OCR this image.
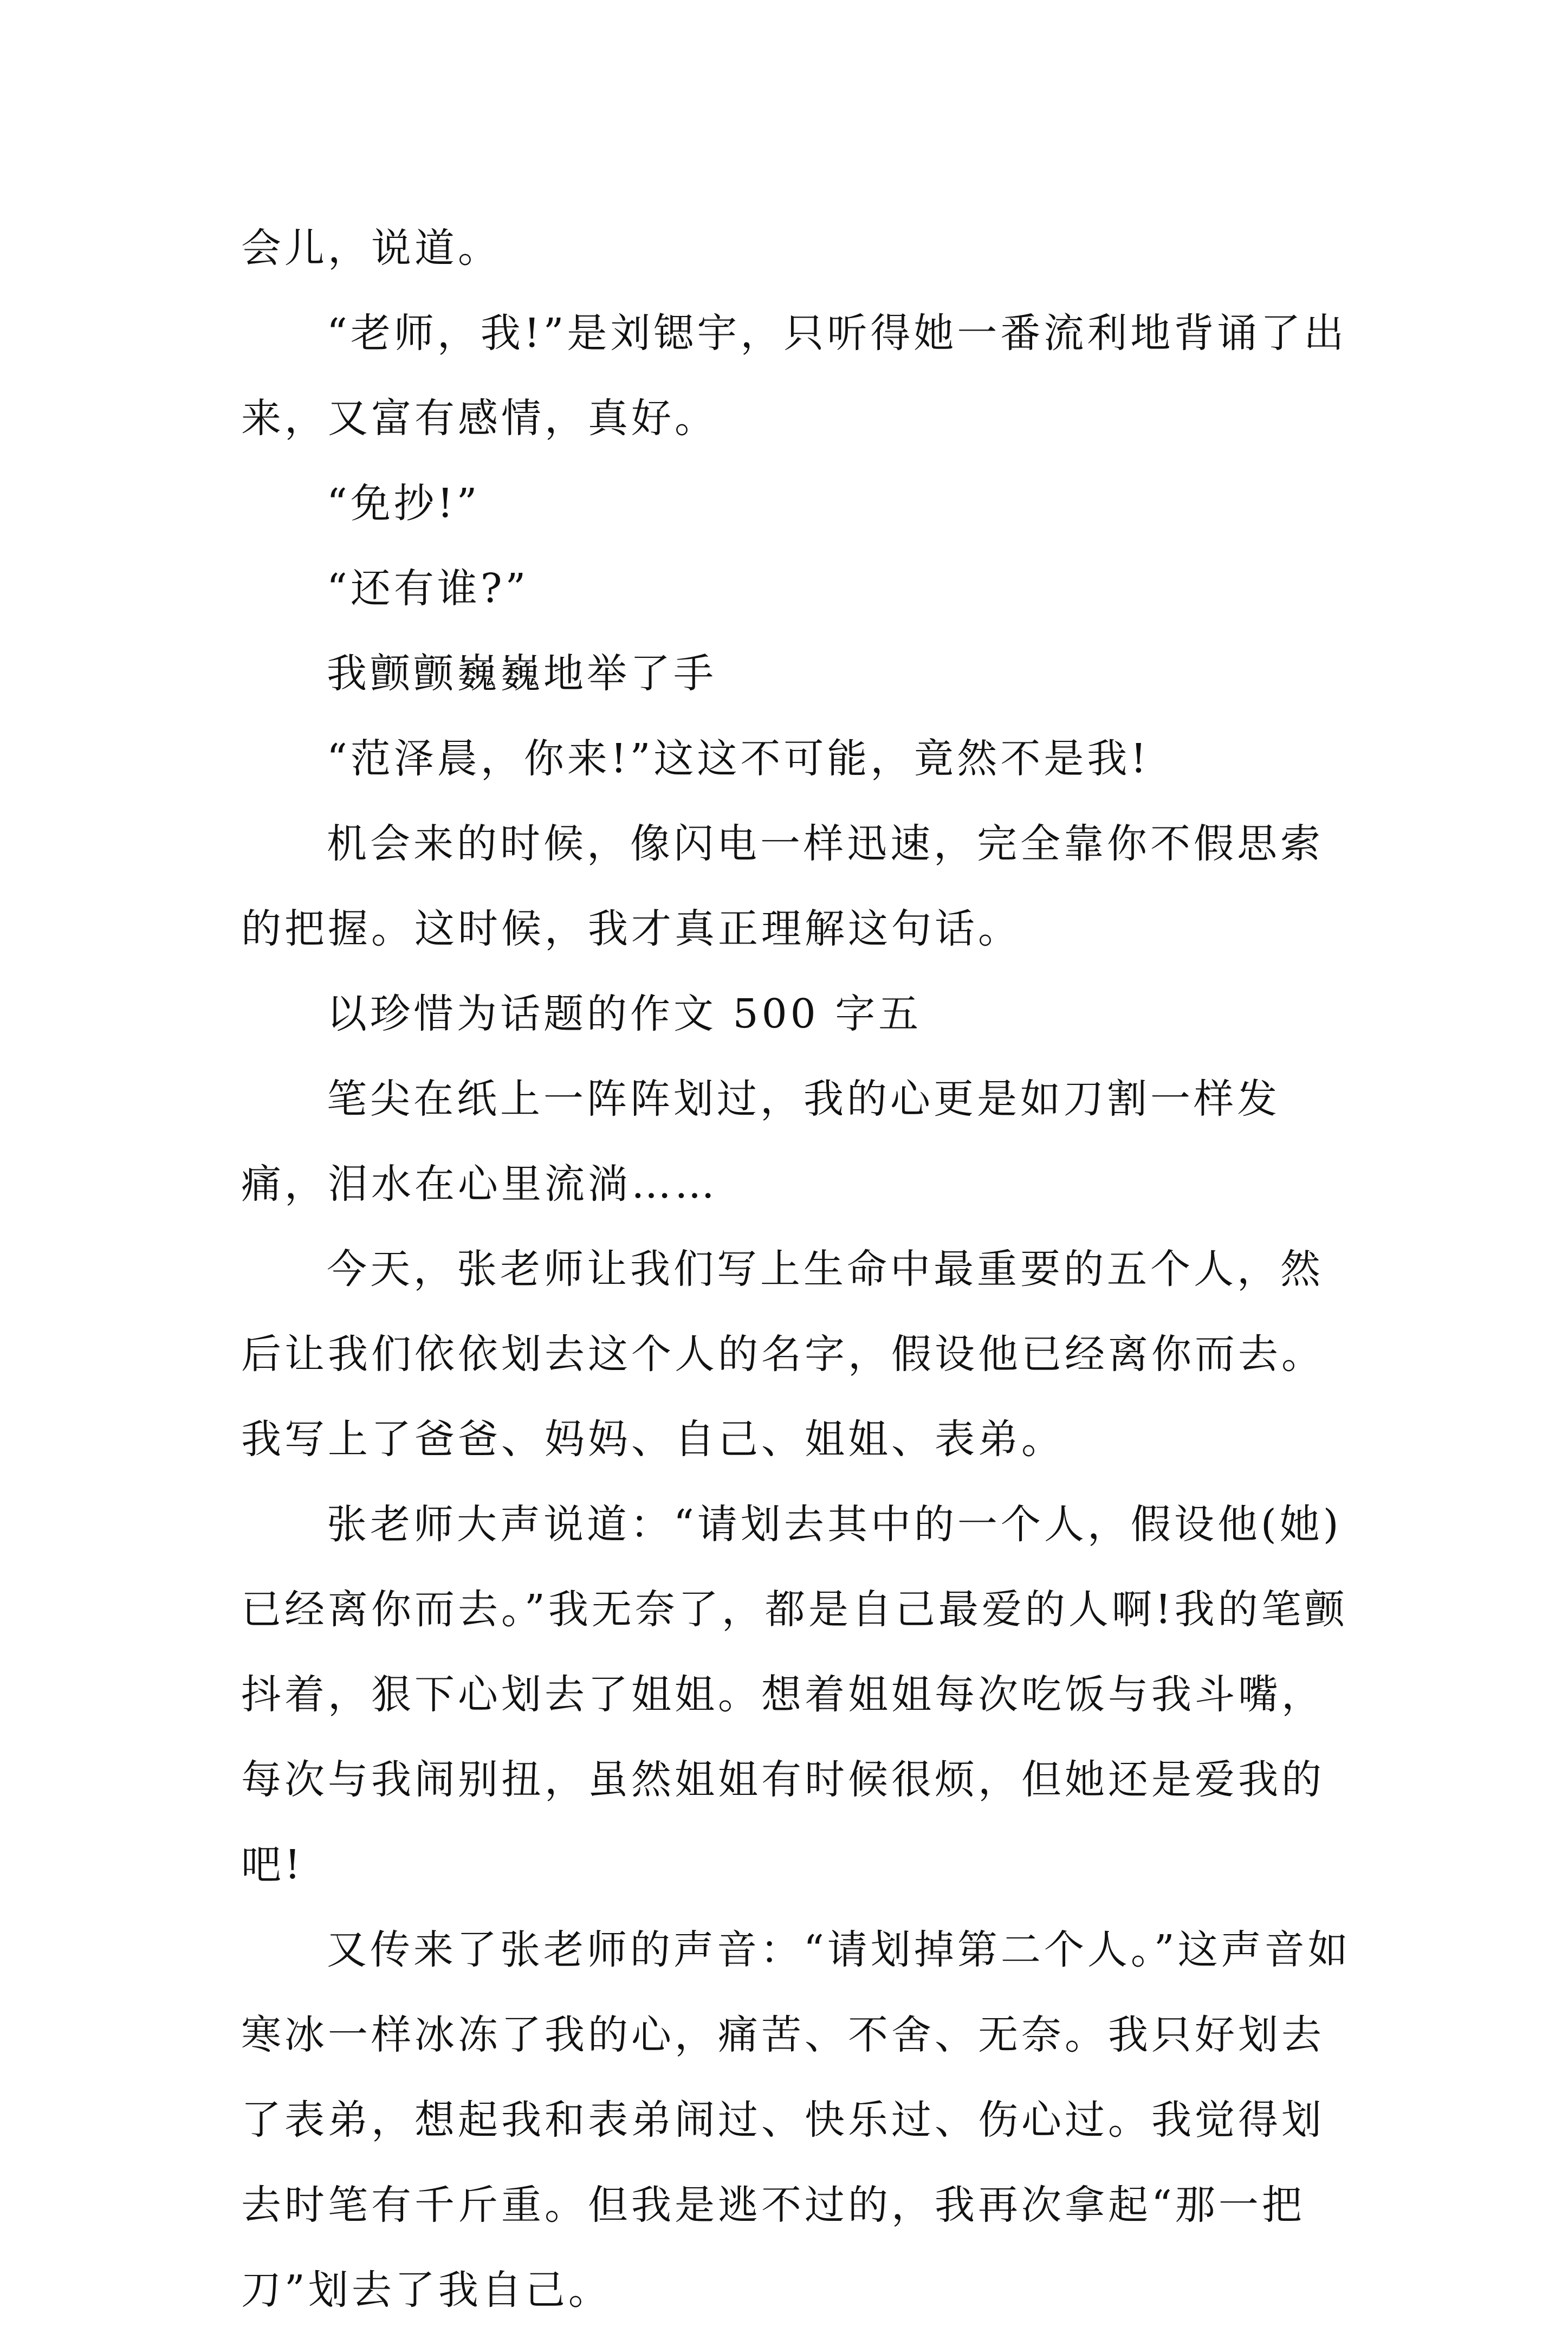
会儿，说道。

“老师，我!”是刘锶宇，只听得她一番流利地背诵了出来，又富有感情，真好。

“免抄!”

“还有谁?”

我颤颤巍巍地举了手

“范泽晨，你来!”这这不可能，竟然不是我!

机会来的时候，像闪电一样迅速，完全靠你不假思索的把握。这时候，我才真正理解这句话。

以珍惜为话题的作文 500 字五

笔尖在纸上一阵阵划过，我的心更是如刀割一样发痛，泪水在心里流淌……

今天，张老师让我们写上生命中最重要的五个人，然后让我们依依划去这个人的名字，假设他已经离你而去。我写上了爸爸、妈妈、自己、姐姐、表弟。

张老师大声说道：“请划去其中的一个人，假设他(她)已经离你而去。”我无奈了，都是自己最爱的人啊!我的笔颤抖着，狠下心划去了姐姐。想着姐姐每次吃饭与我斗嘴，每次与我闹别扭，虽然姐姐有时候很烦，但她还是爱我的吧!

又传来了张老师的声音：“请划掉第二个人。”这声音如寒冰一样冰冻了我的心，痛苦、不舍、无奈。我只好划去了表弟，想起我和表弟闹过、快乐过、伤心过。我觉得划去时笔有千斤重。但我是逃不过的，我再次拿起“那一把刀”划去了我自己。
